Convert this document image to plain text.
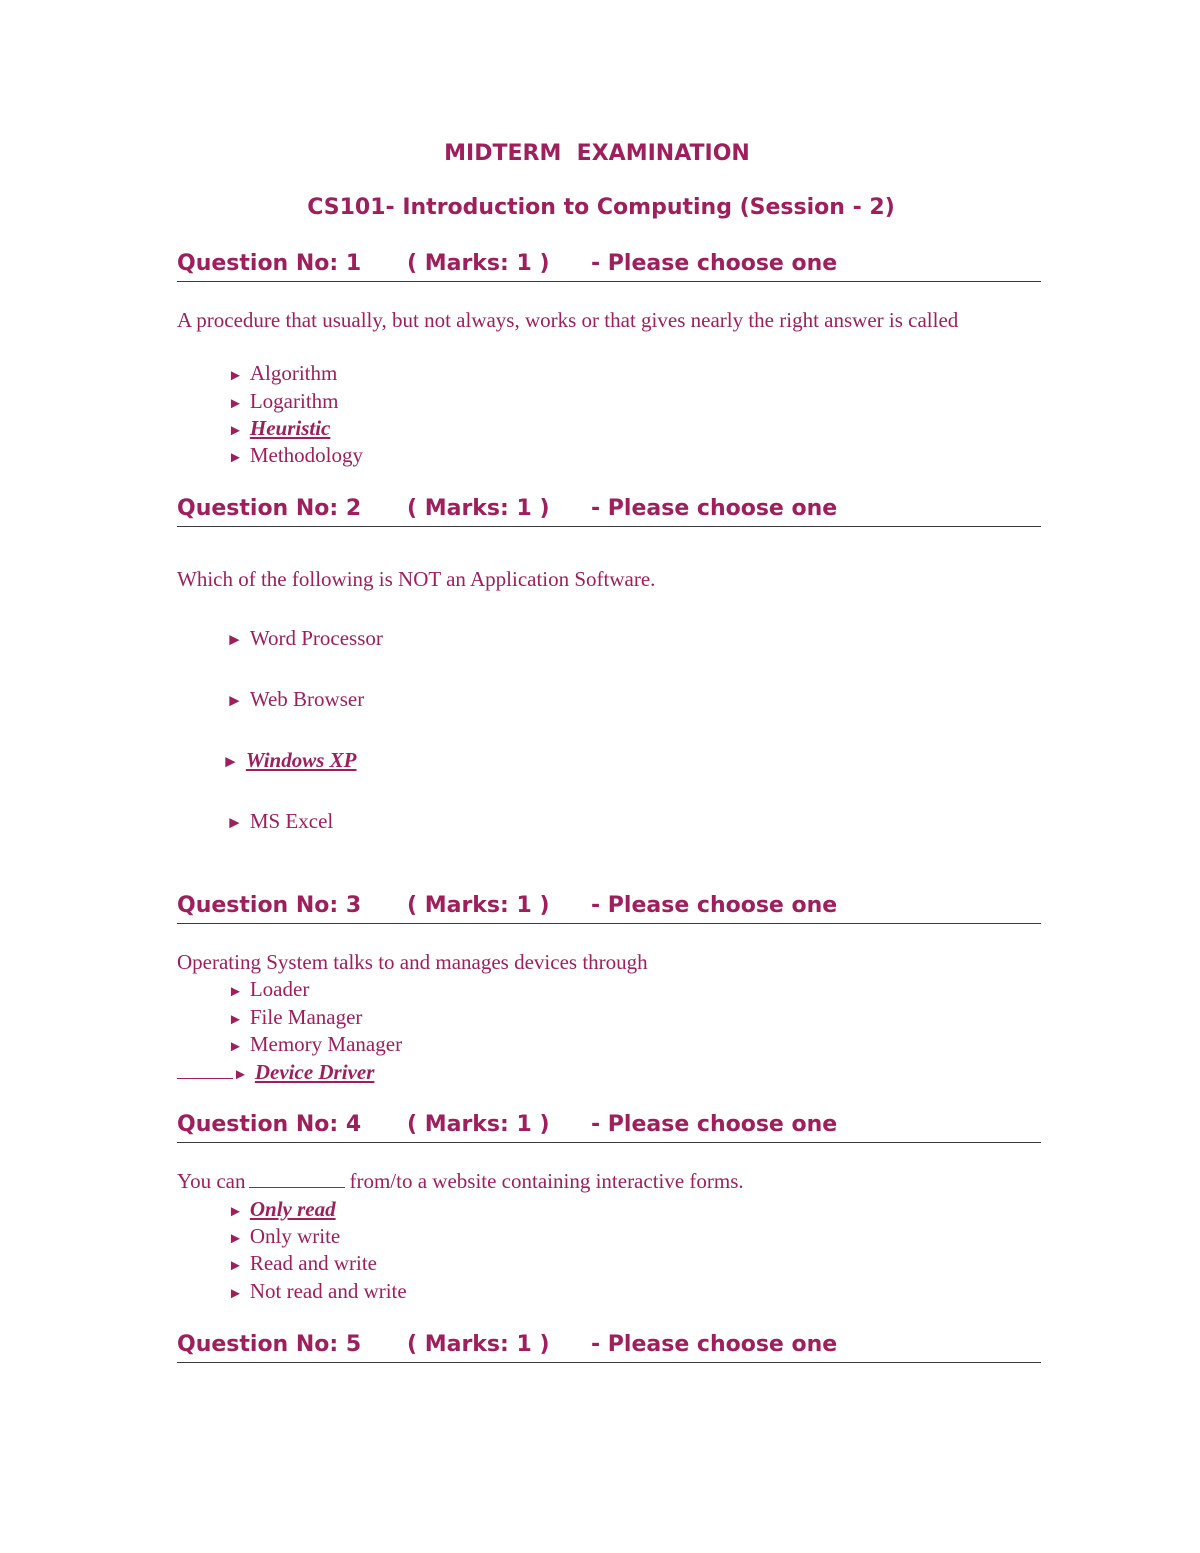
MIDTERM  EXAMINATION
CS101- Introduction to Computing (Session - 2)
Question No: 1 ( Marks: 1 ) - Please choose one
A procedure that usually, but not always, works or that gives nearly the right answer is called
► Algorithm
► Logarithm
► Heuristic
► Methodology
Question No: 2 ( Marks: 1 ) - Please choose one
Which of the following is NOT an Application Software.
► Word Processor
► Web Browser
► Windows XP
► MS Excel
Question No: 3 ( Marks: 1 ) - Please choose one
Operating System talks to and manages devices through
► Loader
► File Manager
► Memory Manager
► Device Driver
Question No: 4 ( Marks: 1 ) - Please choose one
You can	from/to a website containing interactive forms.
► Only read
► Only write
► Read and write
► Not read and write
Question No: 5 ( Marks: 1 ) - Please choose one
